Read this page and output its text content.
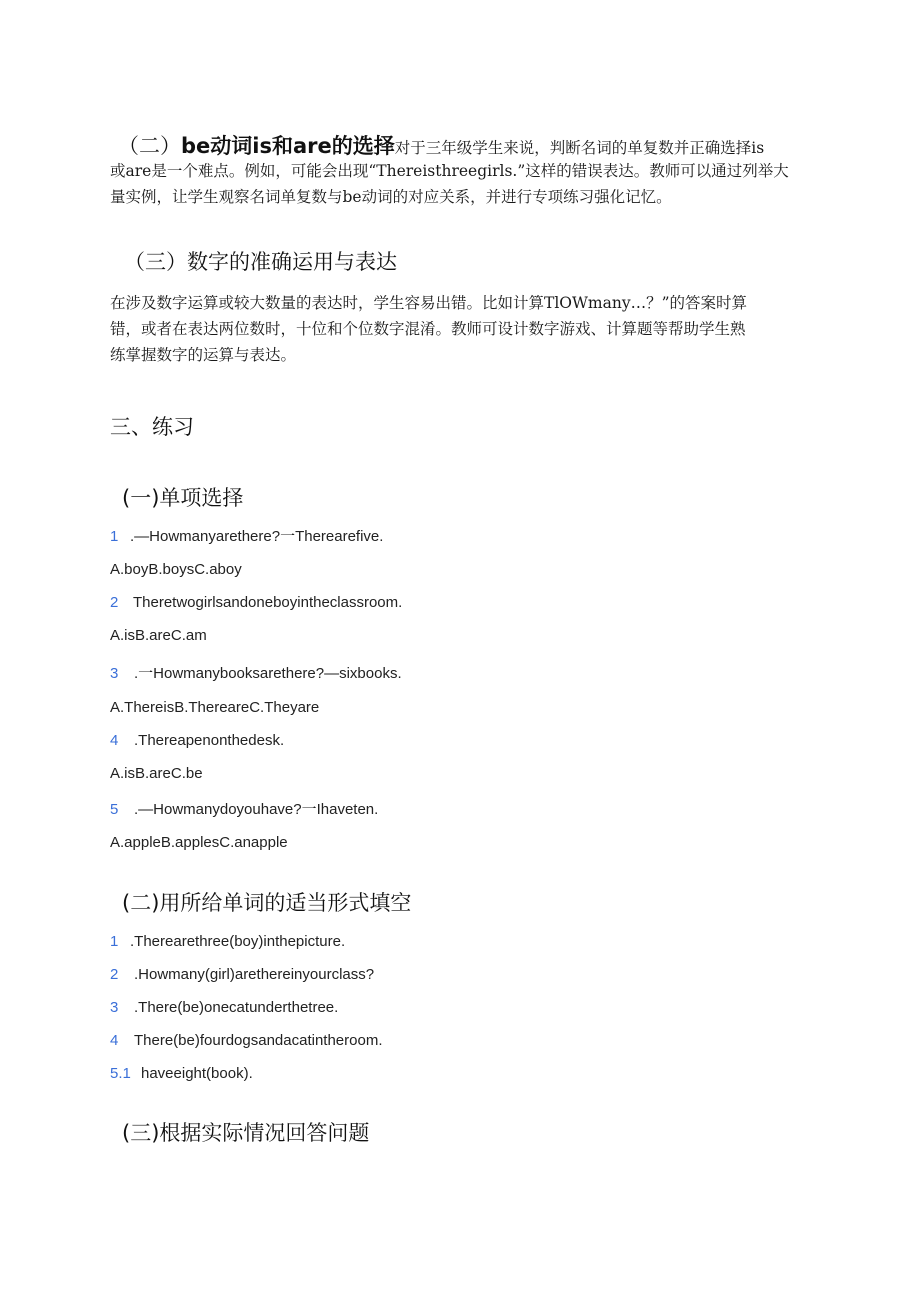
（二）be动词is和are的选择对于三年级学生来说，判断名词的单复数并正确选择is
或are是一个难点。例如，可能会出现“Thereisthreegirls.”这样的错误表达。教师可以通过列举大
量实例，让学生观察名词单复数与be动词的对应关系，并进行专项练习强化记忆。
（三）数字的准确运用与表达
在涉及数字运算或较大数量的表达时，学生容易出错。比如计算TlOWmany…？”的答案时算
错，或者在表达两位数时，十位和个位数字混淆。教师可设计数字游戏、计算题等帮助学生熟
练掌握数字的运算与表达。
三、练习
(一)单项选择
1 .—Howmanyarethere?一Therearefive.
A.boyB.boysC.aboy
2 Theretwogirlsandoneboyintheclassroom.
A.isB.areC.am
3 .一Howmanybooksarethere?—sixbooks.
A.ThereisB.ThereareC.Theyare
4 .Thereapenonthedesk.
A.isB.areC.be
5 .—Howmanydoyouhave?一Ihaveten.
A.appleB.applesC.anapple
(二)用所给单词的适当形式填空
1 .Therearethree(boy)inthepicture.
2 .Howmany(girl)arethereinyourclass?
3 .There(be)onecatunderthetree.
4 There(be)fourdogsandacatintheroom.
5.1 haveeight(book).
(三)根据实际情况回答问题
